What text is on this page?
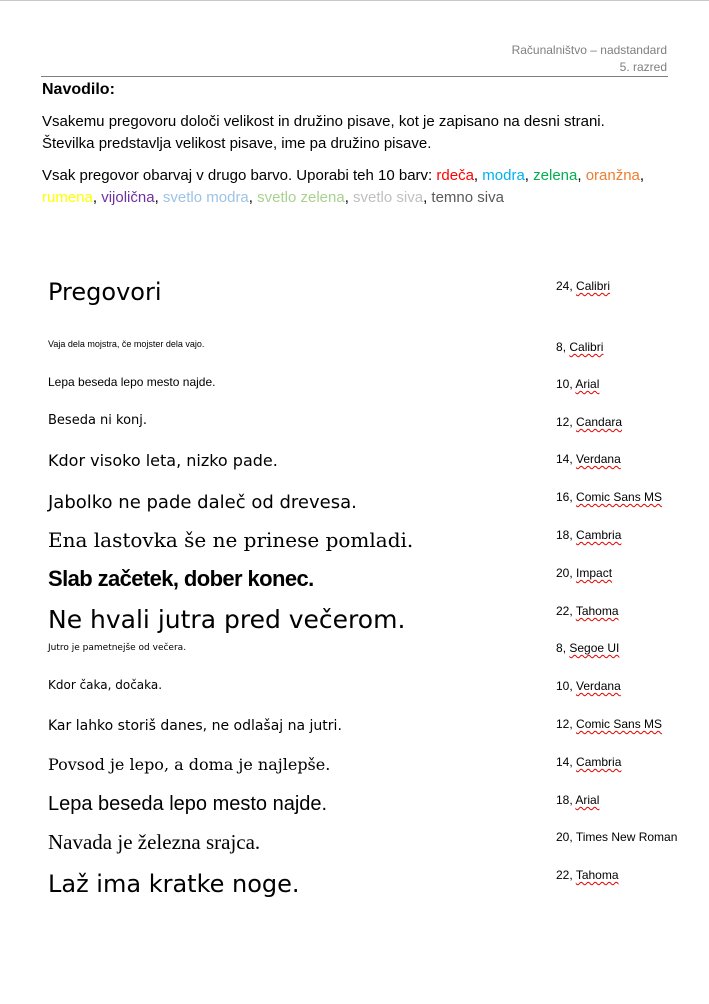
Računalništvo – nadstandard
5. razred
Navodilo:
Vsakemu pregovoru določi velikost in družino pisave, kot je zapisano na desni strani.
Številka predstavlja velikost pisave, ime pa družino pisave.
Vsak pregovor obarvaj v drugo barvo. Uporabi teh 10 barv: rdeča, modra, zelena, oranžna,
rumena, vijolična, svetlo modra, svetlo zelena, svetlo siva, temno siva
Pregovori	24, Calibri
Vaja dela mojstra, če mojster dela vajo.	8, Calibri
Lepa beseda lepo mesto najde.	10, Arial
Beseda ni konj.	12, Candara
Kdor visoko leta, nizko pade.	14, Verdana
Jabolko ne pade daleč od drevesa.	16, Comic Sans MS
Ena lastovka še ne prinese pomladi.	18, Cambria
Slab začetek, dober konec.	20, Impact
Ne hvali jutra pred večerom.	22, Tahoma
Jutro je pametnejše od večera.	8, Segoe UI
Kdor čaka, dočaka.	10, Verdana
Kar lahko storiš danes, ne odlašaj na jutri.	12, Comic Sans MS
Povsod je lepo, a doma je najlepše.	14, Cambria
Lepa beseda lepo mesto najde.	18, Arial
Navada je železna srajca.	20, Times New Roman
Laž ima kratke noge.	22, Tahoma
